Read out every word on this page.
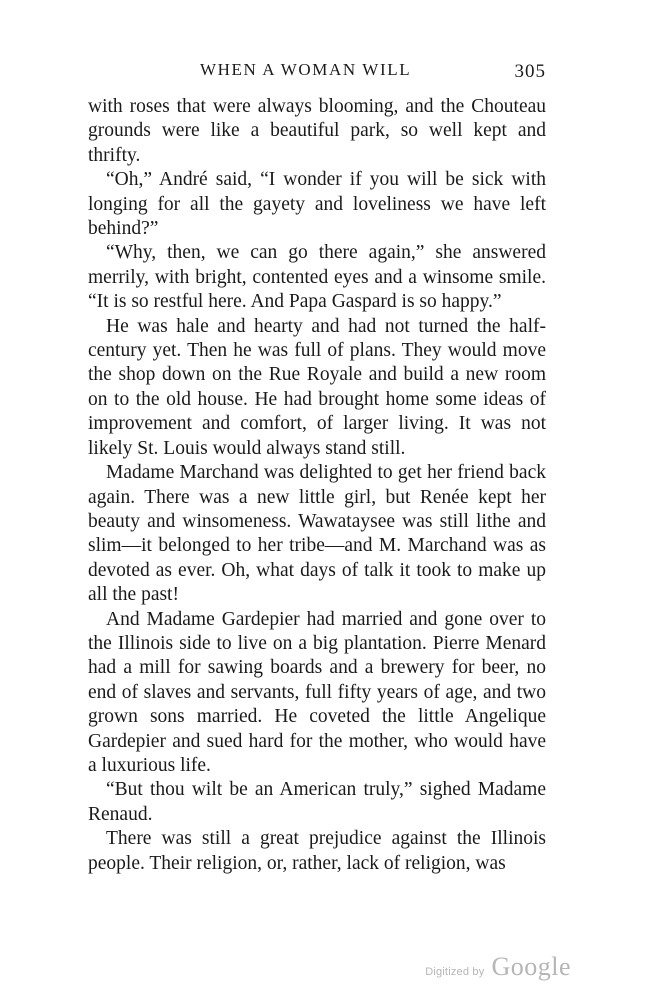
WHEN A WOMAN WILL	305

with roses that were always blooming, and the Chouteau grounds were like a beautiful park, so well kept and thrifty.

“Oh,” André said, “I wonder if you will be sick with longing for all the gayety and loveliness we have left behind?”

“Why, then, we can go there again,” she answered merrily, with bright, contented eyes and a winsome smile. “It is so restful here. And Papa Gaspard is so happy.”

He was hale and hearty and had not turned the half-century yet. Then he was full of plans. They would move the shop down on the Rue Royale and build a new room on to the old house. He had brought home some ideas of improvement and comfort, of larger living. It was not likely St. Louis would always stand still.

Madame Marchand was delighted to get her friend back again. There was a new little girl, but Renée kept her beauty and winsomeness. Wawataysee was still lithe and slim—it belonged to her tribe—and M. Marchand was as devoted as ever. Oh, what days of talk it took to make up all the past!

And Madame Gardepier had married and gone over to the Illinois side to live on a big plantation. Pierre Menard had a mill for sawing boards and a brewery for beer, no end of slaves and servants, full fifty years of age, and two grown sons married. He coveted the little Angelique Gardepier and sued hard for the mother, who would have a luxurious life.

“But thou wilt be an American truly,” sighed Madame Renaud.

There was still a great prejudice against the Illinois people. Their religion, or, rather, lack of religion, was

Digitized by Google
